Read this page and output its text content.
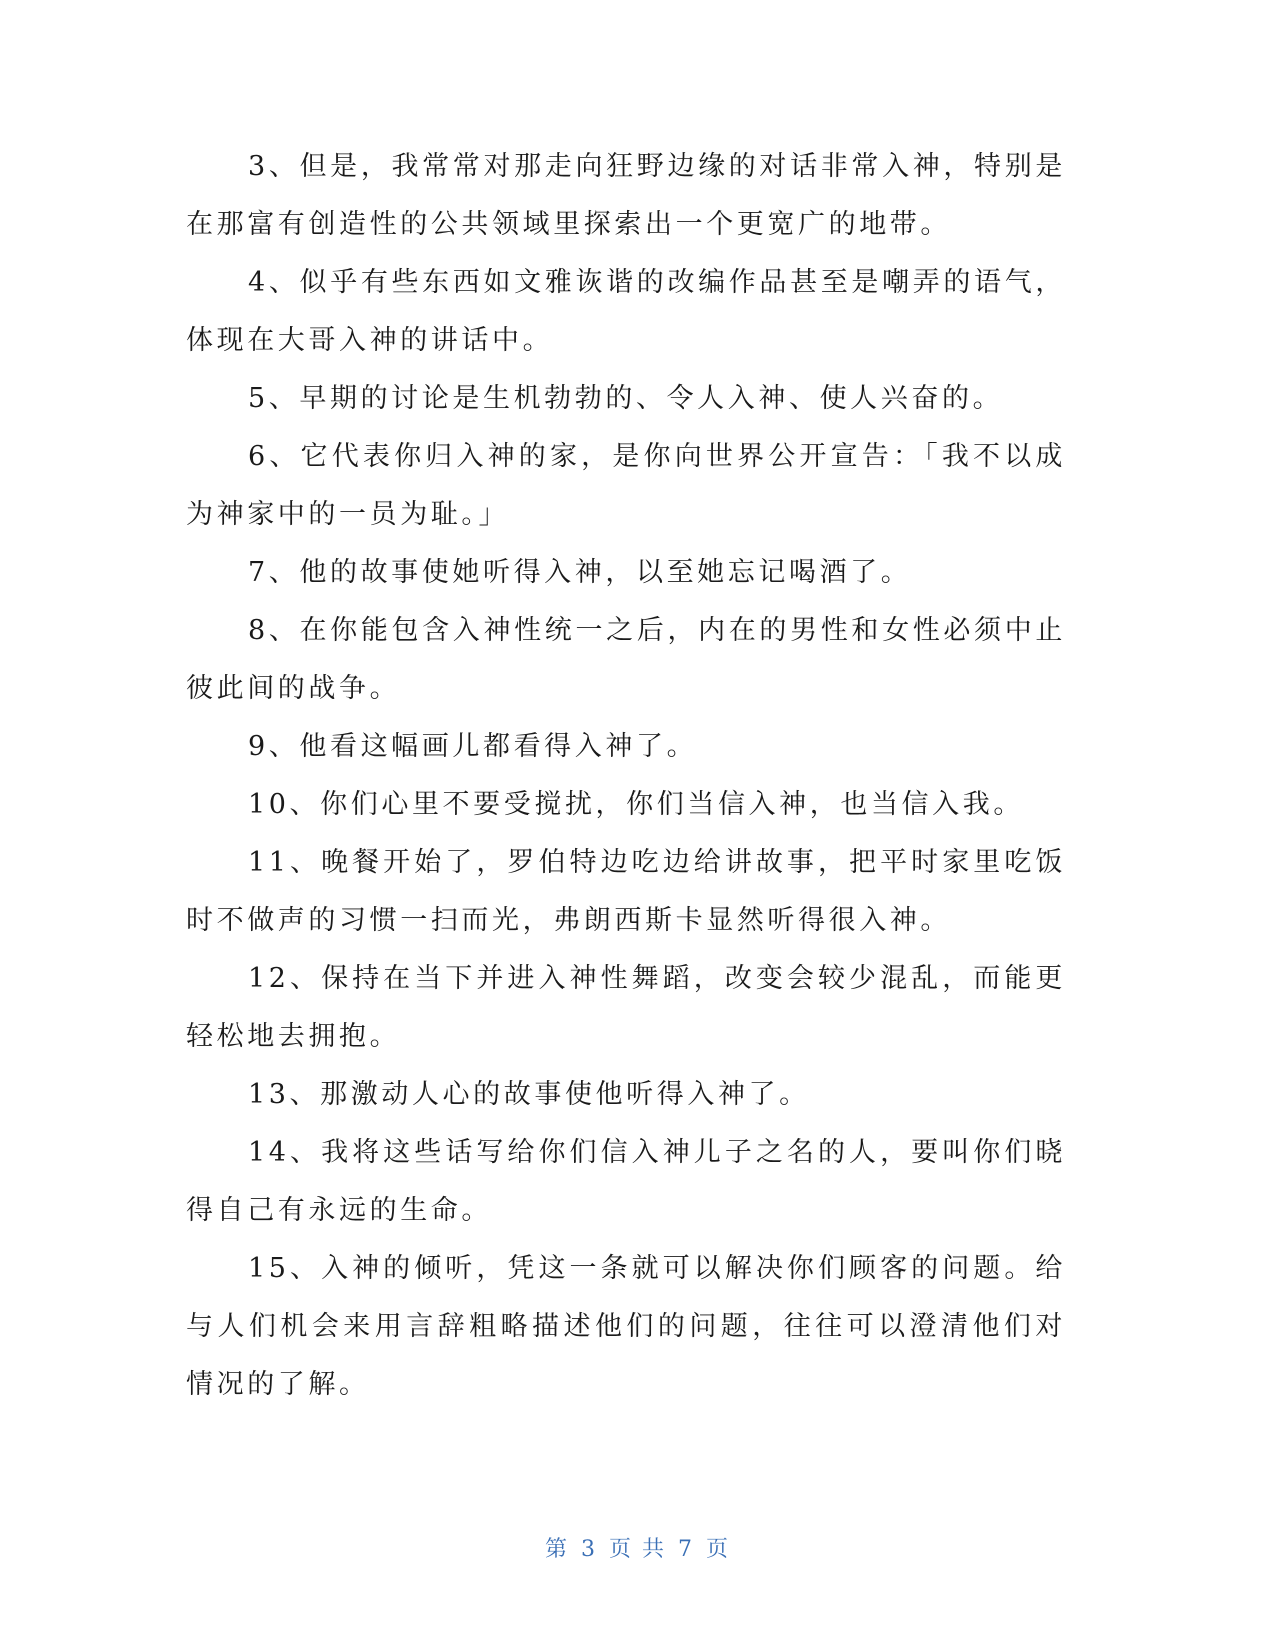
3、但是，我常常对那走向狂野边缘的对话非常入神，特别是在那富有创造性的公共领域里探索出一个更宽广的地带。

4、似乎有些东西如文雅诙谐的改编作品甚至是嘲弄的语气，体现在大哥入神的讲话中。

5、早期的讨论是生机勃勃的、令人入神、使人兴奋的。

6、它代表你归入神的家，是你向世界公开宣告：「我不以成为神家中的一员为耻。」

7、他的故事使她听得入神，以至她忘记喝酒了。

8、在你能包含入神性统一之后，内在的男性和女性必须中止彼此间的战争。

9、他看这幅画儿都看得入神了。

10、你们心里不要受搅扰，你们当信入神，也当信入我。

11、晚餐开始了，罗伯特边吃边给讲故事，把平时家里吃饭时不做声的习惯一扫而光，弗朗西斯卡显然听得很入神。

12、保持在当下并进入神性舞蹈，改变会较少混乱，而能更轻松地去拥抱。

13、那激动人心的故事使他听得入神了。

14、我将这些话写给你们信入神儿子之名的人，要叫你们晓得自己有永远的生命。

15、入神的倾听，凭这一条就可以解决你们顾客的问题。给与人们机会来用言辞粗略描述他们的问题，往往可以澄清他们对情况的了解。

第 3 页 共 7 页
